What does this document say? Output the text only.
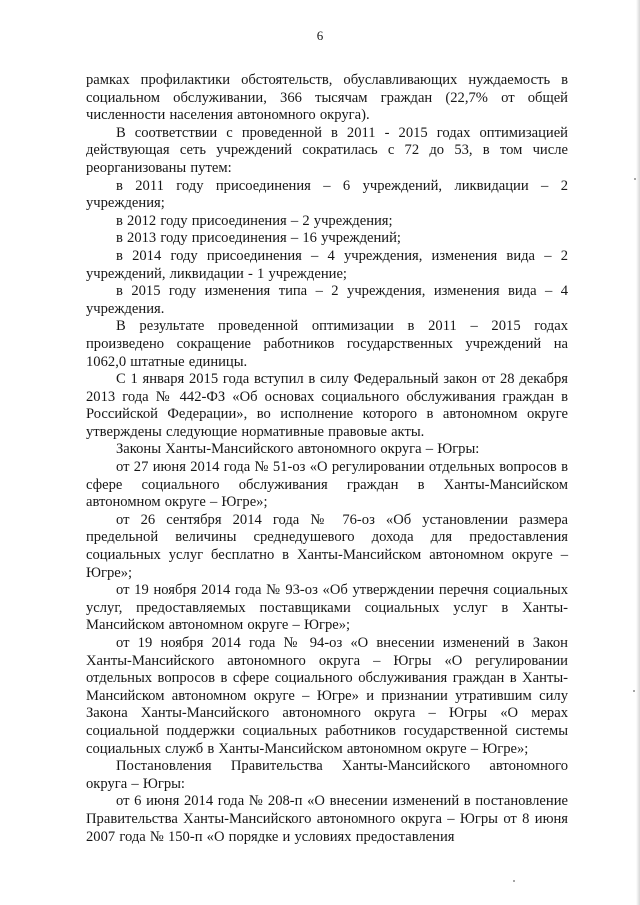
6

рамках профилактики обстоятельств, обуславливающих нуждаемость в социальном обслуживании, 366 тысячам граждан (22,7% от общей численности населения автономного округа).

В соответствии с проведенной в 2011 - 2015 годах оптимизацией действующая сеть учреждений сократилась с 72 до 53, в том числе реорганизованы путем:

в 2011 году присоединения – 6 учреждений, ликвидации – 2 учреждения;

в 2012 году присоединения – 2 учреждения;

в 2013 году присоединения – 16 учреждений;

в 2014 году присоединения – 4 учреждения, изменения вида – 2 учреждений, ликвидации - 1 учреждение;

в 2015 году изменения типа – 2 учреждения, изменения вида – 4 учреждения.

В результате проведенной оптимизации в 2011 – 2015 годах произведено сокращение работников государственных учреждений на 1062,0 штатные единицы.

С 1 января 2015 года вступил в силу Федеральный закон от 28 декабря 2013 года № 442-ФЗ «Об основах социального обслуживания граждан в Российской Федерации», во исполнение которого в автономном округе утверждены следующие нормативные правовые акты.

Законы Ханты-Мансийского автономного округа – Югры:

от 27 июня 2014 года № 51-оз «О регулировании отдельных вопросов в сфере социального обслуживания граждан в Ханты-Мансийском автономном округе – Югре»;

от 26 сентября 2014 года № 76-оз «Об установлении размера предельной величины среднедушевого дохода для предоставления социальных услуг бесплатно в Ханты-Мансийском автономном округе – Югре»;

от 19 ноября 2014 года № 93-оз «Об утверждении перечня социальных услуг, предоставляемых поставщиками социальных услуг в Ханты-Мансийском автономном округе – Югре»;

от 19 ноября 2014 года № 94-оз «О внесении изменений в Закон Ханты-Мансийского автономного округа – Югры «О регулировании отдельных вопросов в сфере социального обслуживания граждан в Ханты-Мансийском автономном округе – Югре» и признании утратившим силу Закона Ханты-Мансийского автономного округа – Югры «О мерах социальной поддержки социальных работников государственной системы социальных служб в Ханты-Мансийском автономном округе – Югре»;

Постановления Правительства Ханты-Мансийского автономного округа – Югры:

от 6 июня 2014 года № 208-п «О внесении изменений в постановление Правительства Ханты-Мансийского автономного округа – Югры от 8 июня 2007 года № 150-п «О порядке и условиях предоставления
